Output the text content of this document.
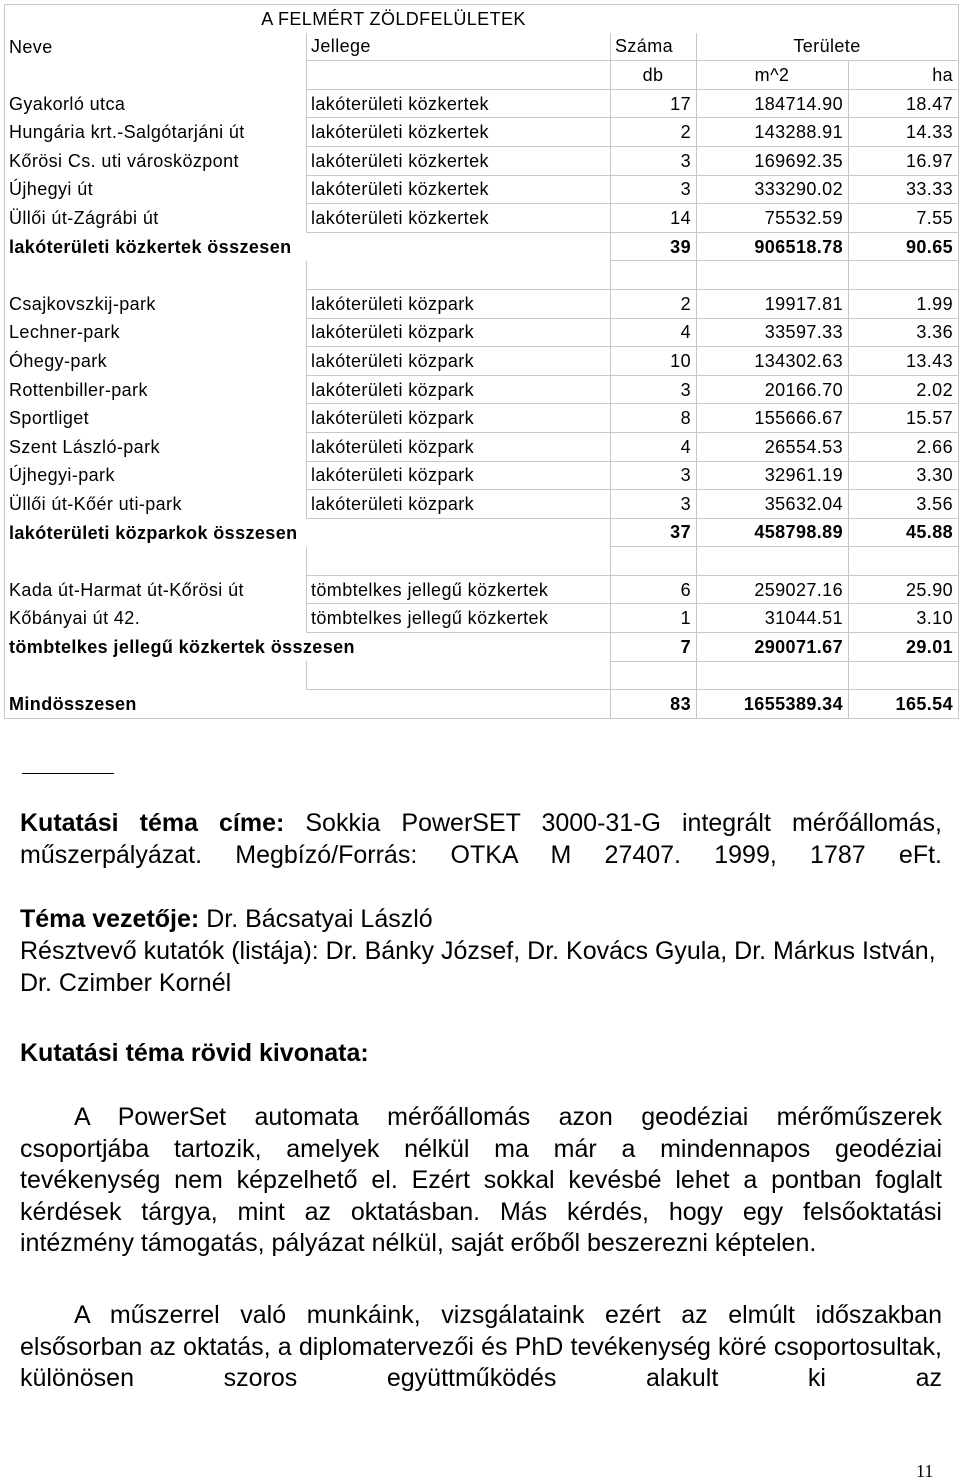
A FELMÉRT ZÖLDFELÜLETEK				
Neve	Jellege	Száma	Területe	
		db	m^2	ha
Gyakorló utca	lakóterületi közkertek	17	184714.90	18.47
Hungária krt.-Salgótarjáni út	lakóterületi közkertek	2	143288.91	14.33
Kőrösi Cs. uti városközpont	lakóterületi közkertek	3	169692.35	16.97
Újhegyi út	lakóterületi közkertek	3	333290.02	33.33
Üllői út-Zágrábi út	lakóterületi közkertek	14	75532.59	7.55
lakóterületi közkertek összesen		39	906518.78	90.65

Csajkovszkij-park	lakóterületi közpark	2	19917.81	1.99
Lechner-park	lakóterületi közpark	4	33597.33	3.36
Óhegy-park	lakóterületi közpark	10	134302.63	13.43
Rottenbiller-park	lakóterületi közpark	3	20166.70	2.02
Sportliget	lakóterületi közpark	8	155666.67	15.57
Szent László-park	lakóterületi közpark	4	26554.53	2.66
Újhegyi-park	lakóterületi közpark	3	32961.19	3.30
Üllői út-Kőér uti-park	lakóterületi közpark	3	35632.04	3.56
lakóterületi közparkok összesen		37	458798.89	45.88

Kada út-Harmat út-Kőrösi út	tömbtelkes jellegű közkertek	6	259027.16	25.90
Kőbányai út 42.	tömbtelkes jellegű közkertek	1	31044.51	3.10
tömbtelkes jellegű közkertek összesen		7	290071.67	29.01

Mindösszesen		83	1655389.34	165.54
Kutatási téma címe: Sokkia PowerSET 3000-31-G integrált mérőállomás, műszerpályázat. Megbízó/Forrás: OTKA M 27407. 1999, 1787 eFt.
Téma vezetője: Dr. Bácsatyai László
Résztvevő kutatók (listája): Dr. Bánky József, Dr. Kovács Gyula, Dr. Márkus István, Dr. Czimber Kornél
Kutatási téma rövid kivonata:
A PowerSet automata mérőállomás azon geodéziai mérőműszerek csoportjába tartozik, amelyek nélkül ma már a mindennapos geodéziai tevékenység nem képzelhető el. Ezért sokkal kevésbé lehet a pontban foglalt kérdések tárgya, mint az oktatásban. Más kérdés, hogy egy felsőoktatási intézmény támogatás, pályázat nélkül, saját erőből beszerezni képtelen.
A műszerrel való munkáink, vizsgálataink ezért az elmúlt időszakban elsősorban az oktatás, a diplomatervezői és PhD tevékenység köré csoportosultak, különösen szoros együttműködés alakult ki az
11
